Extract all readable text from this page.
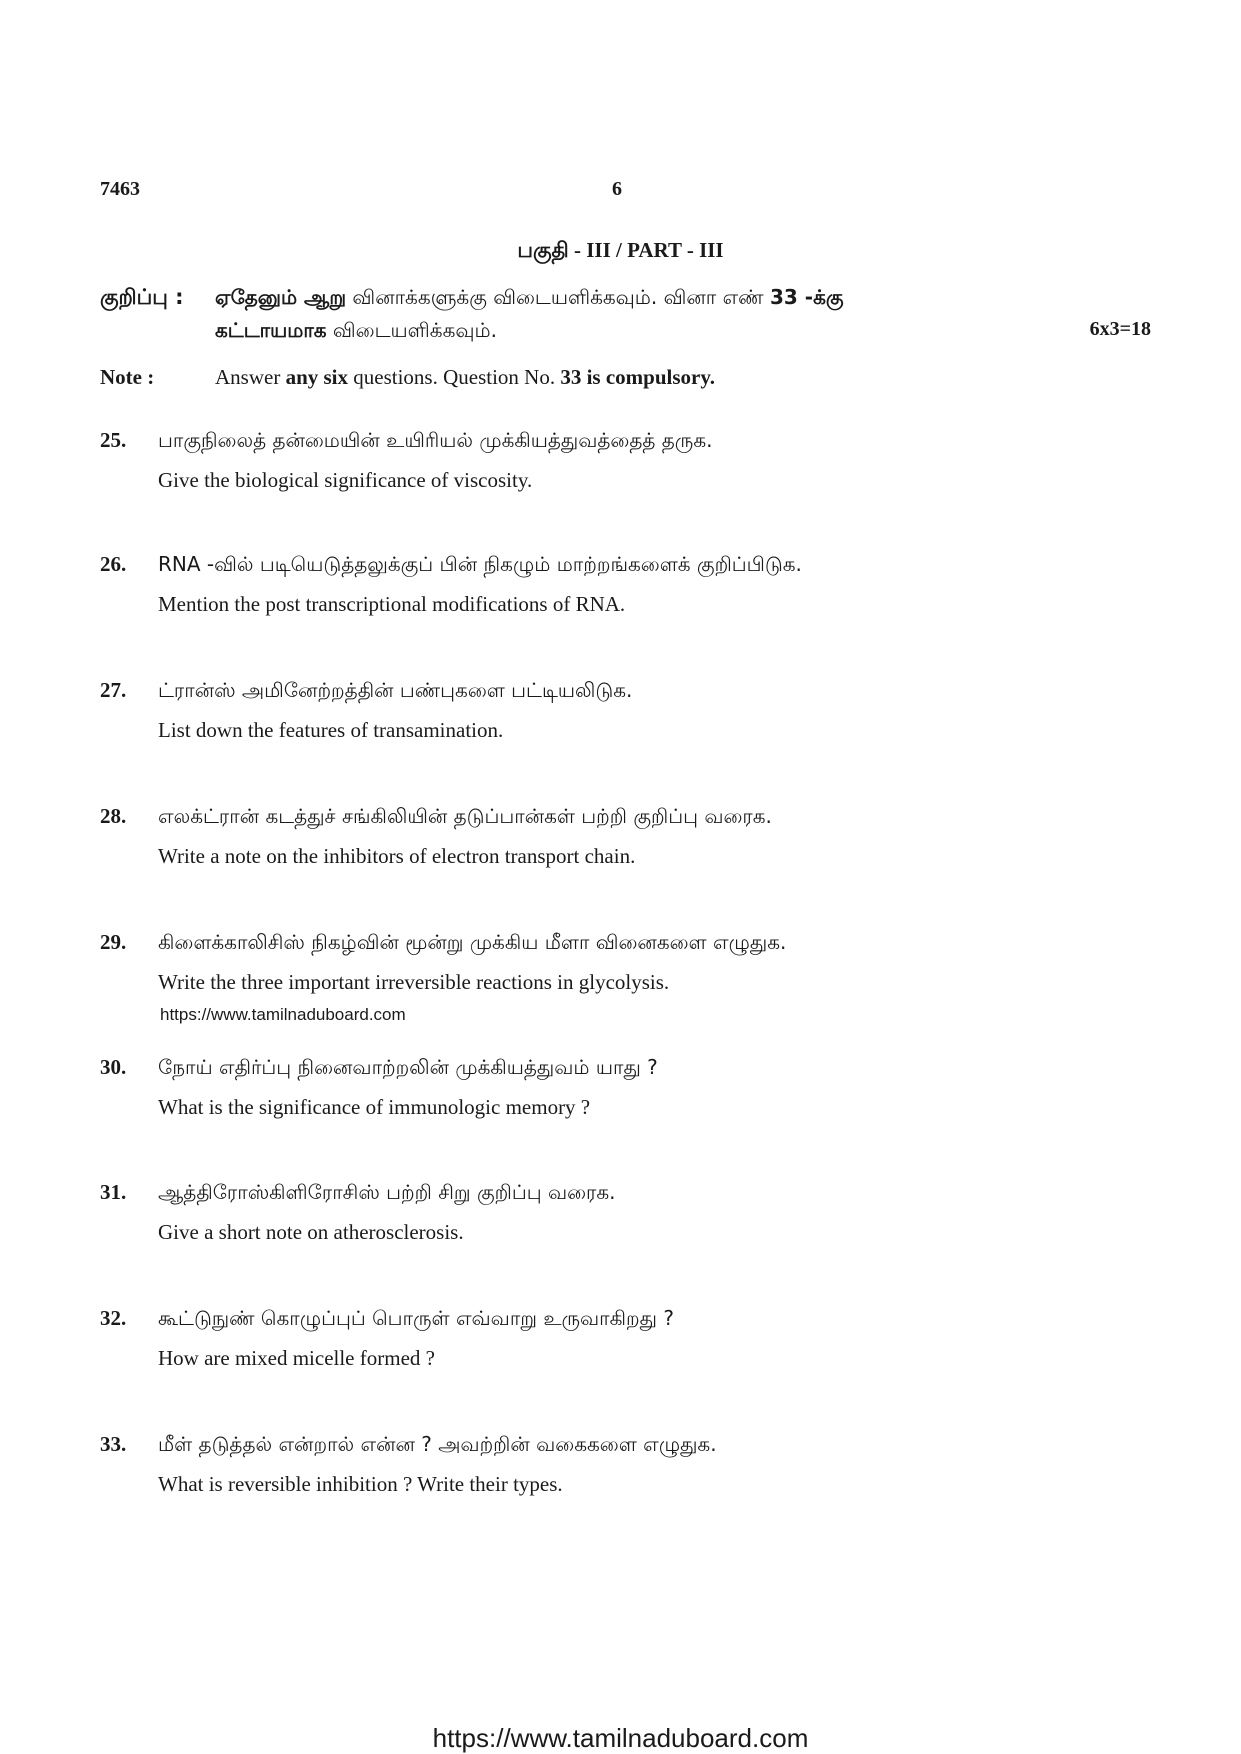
7463	6
பகுதி - III / PART - III
குறிப்பு : ஏதேனும் ஆறு வினாக்களுக்கு விடையளிக்கவும். வினா எண் 33 -க்கு
கட்டாயமாக விடையளிக்கவும்.	6x3=18
Note :	Answer any six questions. Question No. 33 is compulsory.
25. பாகுநிலைத் தன்மையின் உயிரியல் முக்கியத்துவத்தைத் தருக.
Give the biological significance of viscosity.
26. RNA -வில் படியெடுத்தலுக்குப் பின் நிகழும் மாற்றங்களைக் குறிப்பிடுக.
Mention the post transcriptional modifications of RNA.
27. ட்ரான்ஸ் அமினேற்றத்தின் பண்புகளை பட்டியலிடுக.
List down the features of transamination.
28. எலக்ட்ரான் கடத்துச் சங்கிலியின் தடுப்பான்கள் பற்றி குறிப்பு வரைக.
Write a note on the inhibitors of electron transport chain.
29. கிளைக்காலிசிஸ் நிகழ்வின் மூன்று முக்கிய மீளா வினைகளை எழுதுக.
Write the three important irreversible reactions in glycolysis.
https://www.tamilnaduboard.com
30. நோய் எதிர்ப்பு நினைவாற்றலின் முக்கியத்துவம் யாது ?
What is the significance of immunologic memory ?
31. ஆத்திரோஸ்கிளிரோசிஸ் பற்றி சிறு குறிப்பு வரைக.
Give a short note on atherosclerosis.
32. கூட்டுநுண் கொழுப்புப் பொருள் எவ்வாறு உருவாகிறது ?
How are mixed micelle formed ?
33. மீள் தடுத்தல் என்றால் என்ன ? அவற்றின் வகைகளை எழுதுக.
What is reversible inhibition ? Write their types.
https://www.tamilnaduboard.com
